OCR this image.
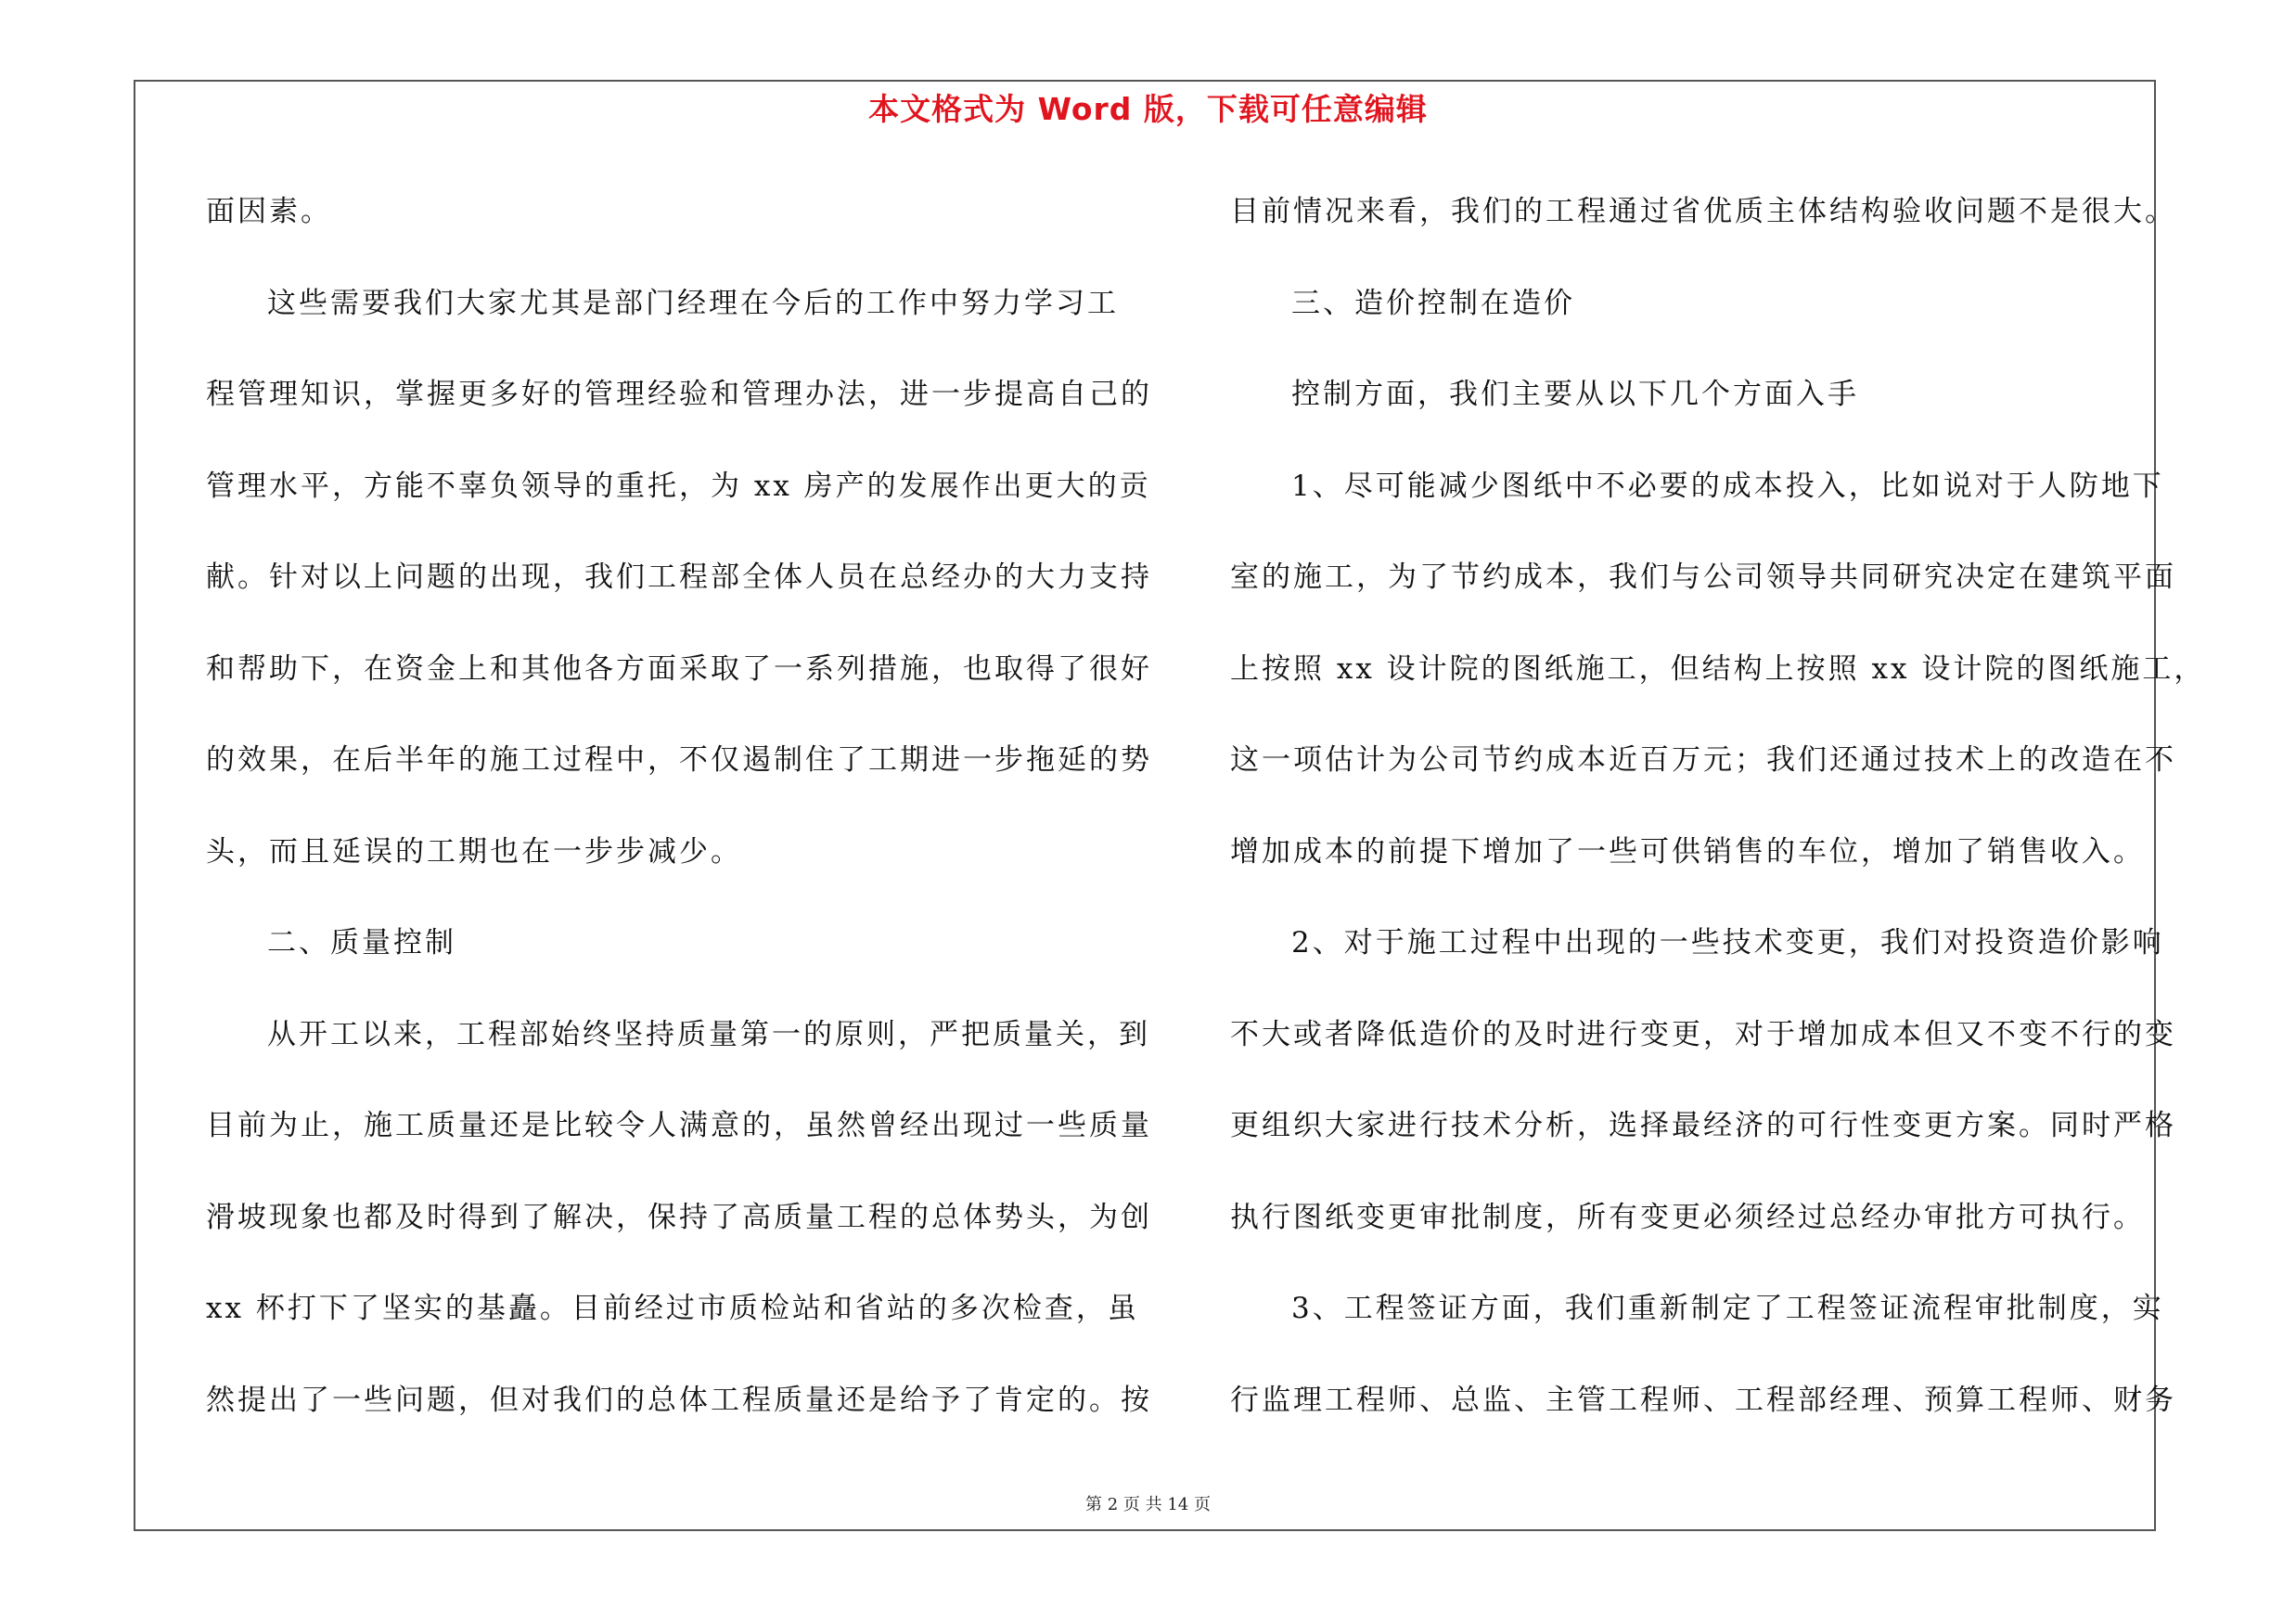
本文格式为 Word 版，下载可任意编辑
面因素。
这些需要我们大家尤其是部门经理在今后的工作中努力学习工
程管理知识，掌握更多好的管理经验和管理办法，进一步提高自己的
管理水平，方能不辜负领导的重托，为 xx 房产的发展作出更大的贡
献。针对以上问题的出现，我们工程部全体人员在总经办的大力支持
和帮助下，在资金上和其他各方面采取了一系列措施，也取得了很好
的效果，在后半年的施工过程中，不仅遏制住了工期进一步拖延的势
头，而且延误的工期也在一步步减少。
二、质量控制
从开工以来，工程部始终坚持质量第一的原则，严把质量关，到
目前为止，施工质量还是比较令人满意的，虽然曾经出现过一些质量
滑坡现象也都及时得到了解决，保持了高质量工程的总体势头，为创
xx 杯打下了坚实的基矗。目前经过市质检站和省站的多次检查，虽
然提出了一些问题，但对我们的总体工程质量还是给予了肯定的。按
目前情况来看，我们的工程通过省优质主体结构验收问题不是很大。
三、造价控制在造价
控制方面，我们主要从以下几个方面入手
1、尽可能减少图纸中不必要的成本投入，比如说对于人防地下
室的施工，为了节约成本，我们与公司领导共同研究决定在建筑平面
上按照 xx 设计院的图纸施工，但结构上按照 xx 设计院的图纸施工，
这一项估计为公司节约成本近百万元；我们还通过技术上的改造在不
增加成本的前提下增加了一些可供销售的车位，增加了销售收入。
2、对于施工过程中出现的一些技术变更，我们对投资造价影响
不大或者降低造价的及时进行变更，对于增加成本但又不变不行的变
更组织大家进行技术分析，选择最经济的可行性变更方案。同时严格
执行图纸变更审批制度，所有变更必须经过总经办审批方可执行。
3、工程签证方面，我们重新制定了工程签证流程审批制度，实
行监理工程师、总监、主管工程师、工程部经理、预算工程师、财务
第 2 页 共 14 页
